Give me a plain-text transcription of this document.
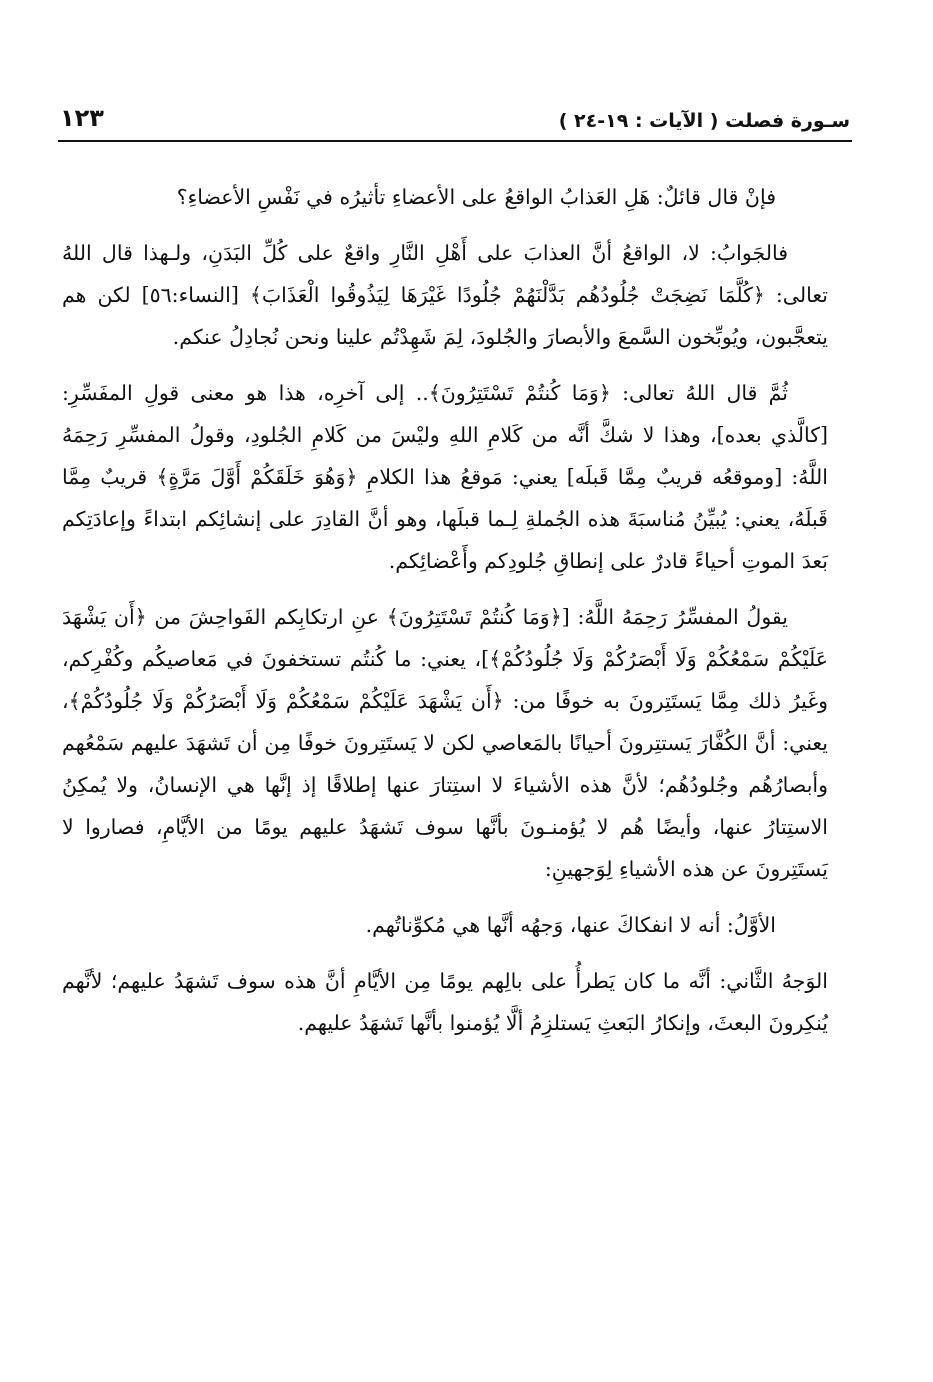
سـورة فصلت ( الآيات : ١٩-٢٤ )
١٢٣

فإنْ قال قائلٌ: هَلِ العَذابُ الواقعُ على الأعضاءِ تأثيرُه في نَفْسِ الأعضاءِ؟

فالجَوابُ: لا، الواقعُ أنَّ العذابَ على أَهْلِ النَّارِ واقعٌ على كُلِّ البَدَنِ، ولـهذا قال اللهُ تعالى: ﴿كُلَّمَا نَضِجَتْ جُلُودُهُم بَدَّلْنَهُمْ جُلُودًا غَيْرَهَا لِيَذُوقُوا الْعَذَابَ﴾ [النساء:٥٦] لكن هم يتعجَّبون، ويُوبِّخون السَّمعَ والأبصارَ والجُلودَ، لِمَ شَهِدْتُم علينا ونحن نُجادِلُ عنكم.

ثُمَّ قال اللهُ تعالى: ﴿وَمَا كُنتُمْ تَسْتَتِرُونَ﴾.. إلى آخرِه، هذا هو معنى قولِ المفَسِّرِ: [كالَّذي بعده]، وهذا لا شكَّ أنَّه من كَلامِ اللهِ وليْسَ من كَلامِ الجُلودِ، وقولُ المفسِّرِ رَحِمَهُ اللَّهُ: [وموقعُه قريبٌ مِمَّا قَبلَه] يعني: مَوقعُ هذا الكلامِ ﴿وَهُوَ خَلَقَكُمْ أَوَّلَ مَرَّةٍ﴾ قريبٌ مِمَّا قَبلَهُ، يعني: يُبيِّنُ مُناسبَةَ هذه الجُملةِ لِـما قبلَها، وهو أنَّ القادِرَ على إنشائِكم ابتداءً وإعادَتِكم بَعدَ الموتِ أحياءً قادرٌ على إنطاقِ جُلودِكم وأَعْضائِكم.

يقولُ المفسِّرُ رَحِمَهُ اللَّهُ: [﴿وَمَا كُنتُمْ تَسْتَتِرُونَ﴾ عنِ ارتكابِكم الفَواحِشَ من ﴿أَن يَشْهَدَ عَلَيْكُمْ سَمْعُكُمْ وَلَا أَبْصَرُكُمْ وَلَا جُلُودُكُمْ﴾]، يعني: ما كُنتُم تستخفونَ في مَعاصيكُم وكُفْرِكم، وغَيرُ ذلك مِمَّا يَستَتِرونَ به خوفًا من: ﴿أَن يَشْهَدَ عَلَيْكُمْ سَمْعُكُمْ وَلَا أَبْصَرُكُمْ وَلَا جُلُودُكُمْ﴾، يعني: أنَّ الكُفَّارَ يَستتِرونَ أحيانًا بالمَعاصي لكن لا يَستَتِرونَ خوفًا مِن أن تَشهَدَ عليهم سَمْعُهم وأبصارُهُم وجُلودُهُم؛ لأنَّ هذه الأشياءَ لا استِتارَ عنها إطلاقًا إذ إنَّها هي الإنسانُ، ولا يُمكِنُ الاستِتارُ عنها، وأيضًا هُم لا يُؤمنـونَ بأنَّها سوف تَشهَدُ عليهم يومًا من الأيَّامِ، فصاروا لا يَستَتِرونَ عن هذه الأشياءِ لِوَجهينِ:

الأوَّلُ: أنه لا انفكاكَ عنها، وَجهُه أنَّها هي مُكوِّناتُهم.

الوَجهُ الثَّاني: أنَّه ما كان يَطرأُ على بالِهم يومًا مِن الأيَّامِ أنَّ هذه سوف تَشهَدُ عليهم؛ لأنَّهم يُنكِرونَ البعثَ، وإنكارُ البَعثِ يَستلزِمُ ألَّا يُؤمنوا بأنَّها تَشهَدُ عليهم.
